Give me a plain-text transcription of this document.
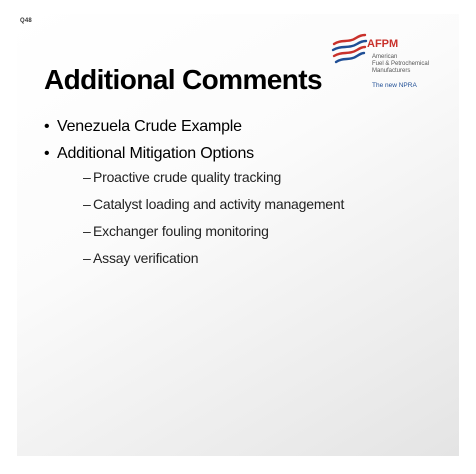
Q48
AFPM
American
Fuel & Petrochemical
Manufacturers
The new NPRA
Additional Comments
• Venezuela Crude Example
• Additional Mitigation Options
– Proactive crude quality tracking
– Catalyst loading and activity management
– Exchanger fouling monitoring
– Assay verification
